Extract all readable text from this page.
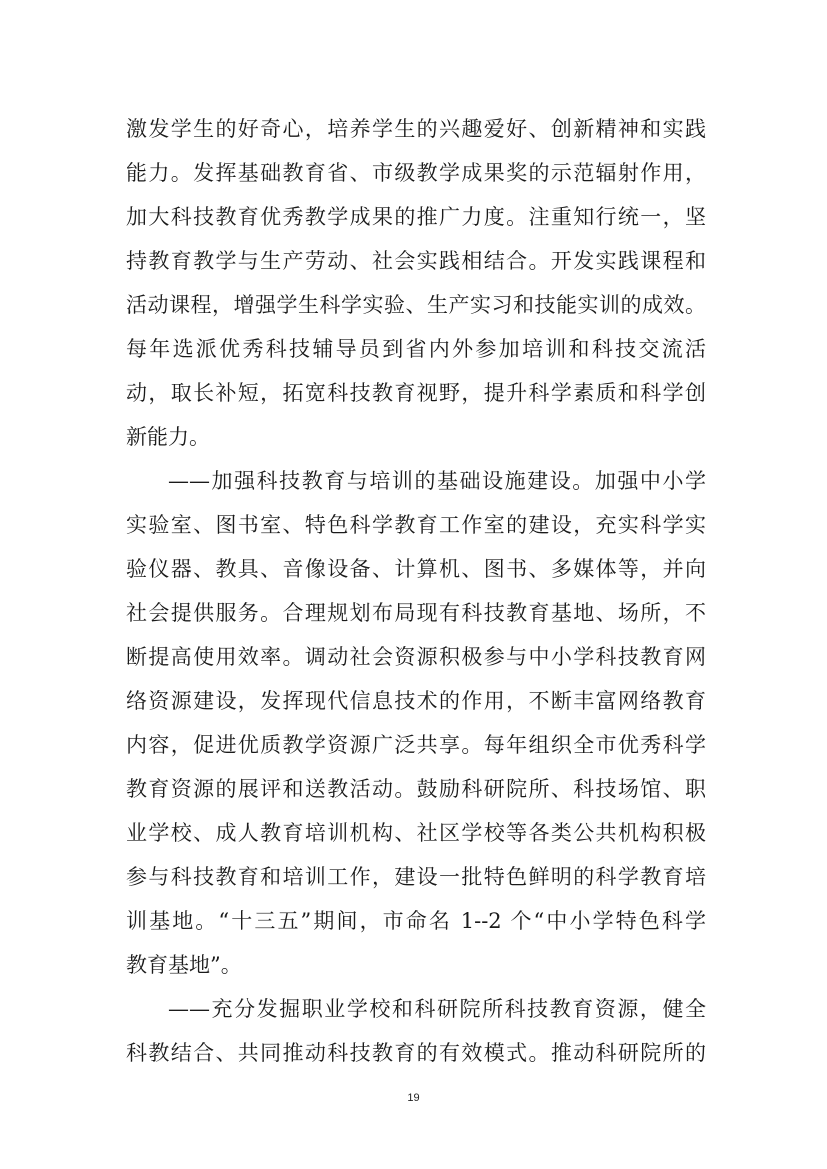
激发学生的好奇心，培养学生的兴趣爱好、创新精神和实践
能力。发挥基础教育省、市级教学成果奖的示范辐射作用，
加大科技教育优秀教学成果的推广力度。注重知行统一，坚
持教育教学与生产劳动、社会实践相结合。开发实践课程和
活动课程，增强学生科学实验、生产实习和技能实训的成效。
每年选派优秀科技辅导员到省内外参加培训和科技交流活
动，取长补短，拓宽科技教育视野，提升科学素质和科学创
新能力。
——加强科技教育与培训的基础设施建设。加强中小学
实验室、图书室、特色科学教育工作室的建设，充实科学实
验仪器、教具、音像设备、计算机、图书、多媒体等，并向
社会提供服务。合理规划布局现有科技教育基地、场所，不
断提高使用效率。调动社会资源积极参与中小学科技教育网
络资源建设，发挥现代信息技术的作用，不断丰富网络教育
内容，促进优质教学资源广泛共享。每年组织全市优秀科学
教育资源的展评和送教活动。鼓励科研院所、科技场馆、职
业学校、成人教育培训机构、社区学校等各类公共机构积极
参与科技教育和培训工作，建设一批特色鲜明的科学教育培
训基地。“十三五”期间，市命名 1--2 个“中小学特色科学
教育基地”。
——充分发掘职业学校和科研院所科技教育资源，健全
科教结合、共同推动科技教育的有效模式。推动科研院所的
19
